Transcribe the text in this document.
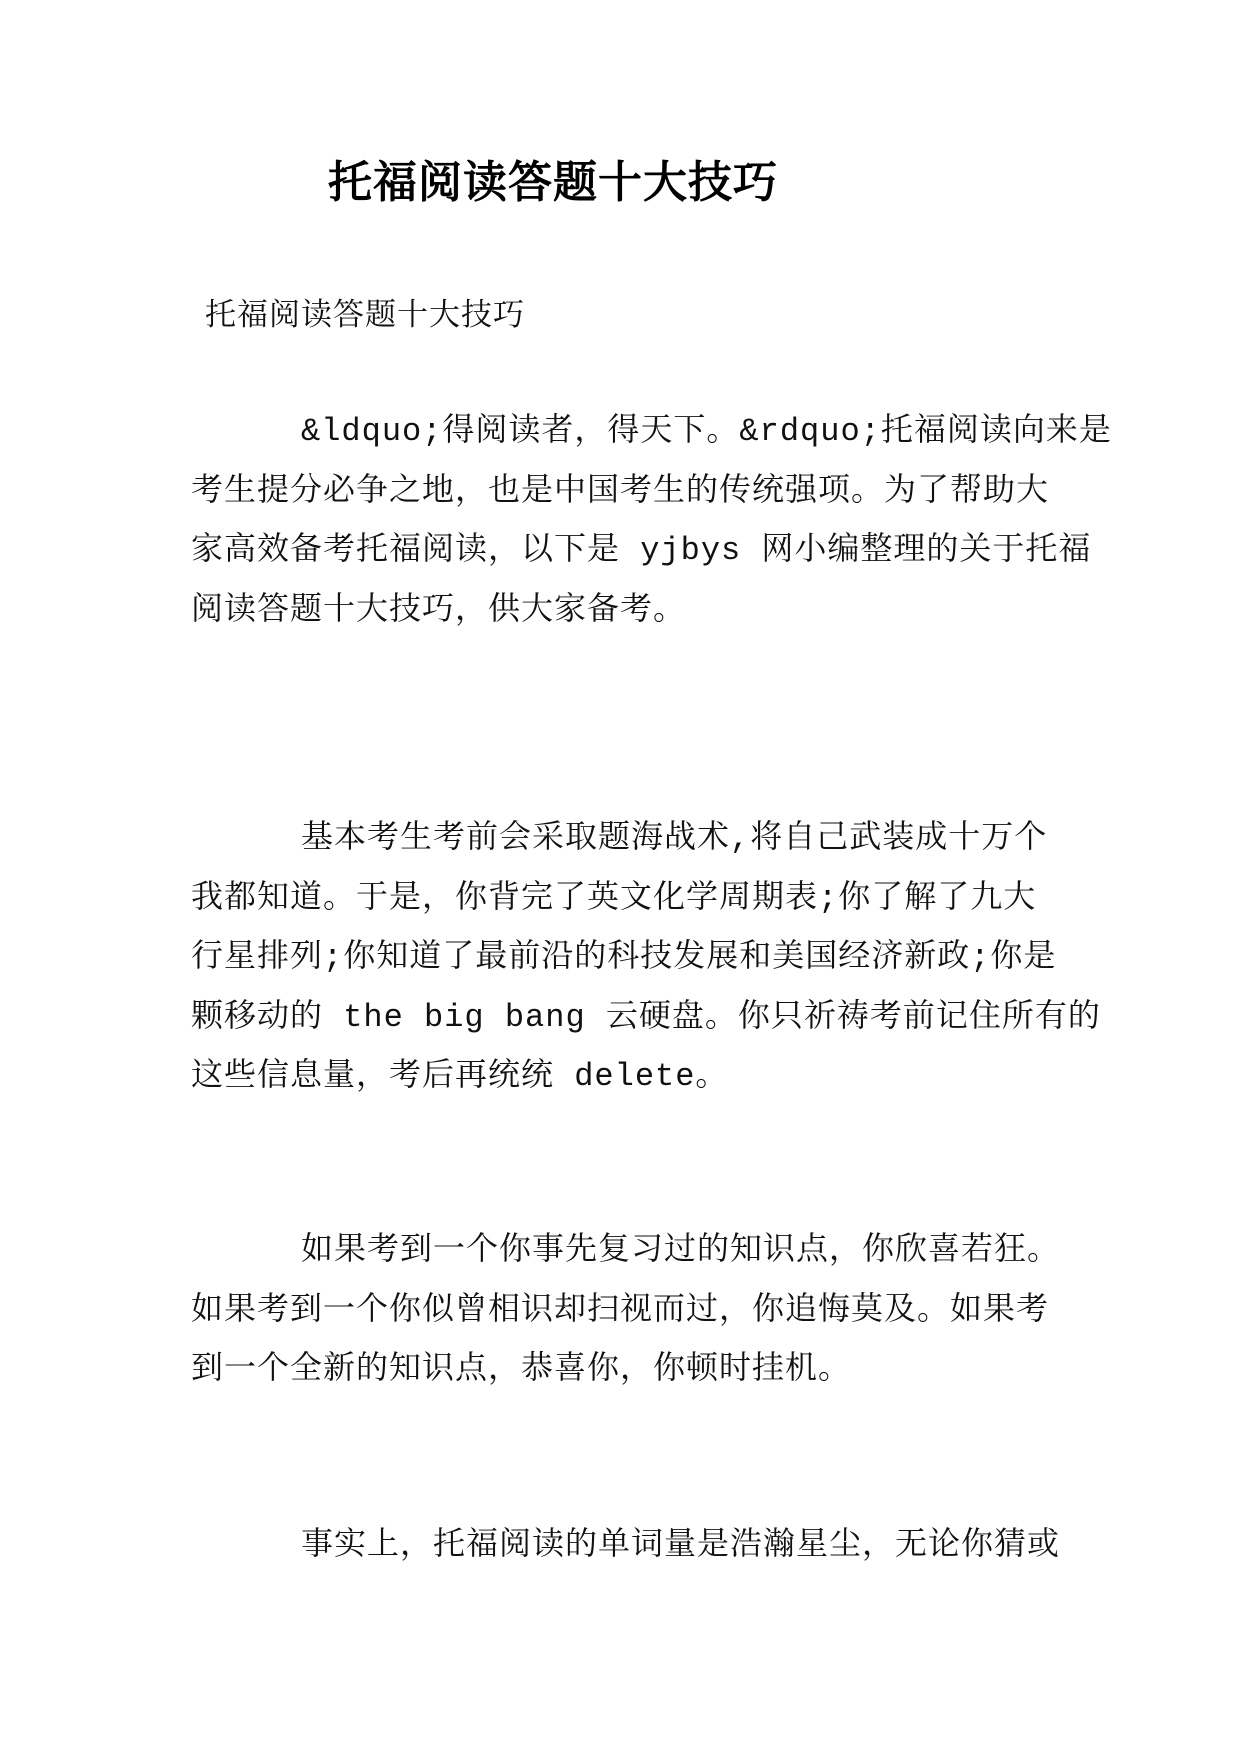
托福阅读答题十大技巧
托福阅读答题十大技巧
&ldquo;得阅读者，得天下。&rdquo;托福阅读向来是
考生提分必争之地，也是中国考生的传统强项。为了帮助大
家高效备考托福阅读，以下是 yjbys 网小编整理的关于托福
阅读答题十大技巧，供大家备考。
基本考生考前会采取题海战术,将自己武装成十万个
我都知道。于是，你背完了英文化学周期表;你了解了九大
行星排列;你知道了最前沿的科技发展和美国经济新政;你是
颗移动的 the big bang 云硬盘。你只祈祷考前记住所有的
这些信息量，考后再统统 delete。
如果考到一个你事先复习过的知识点，你欣喜若狂。
如果考到一个你似曾相识却扫视而过，你追悔莫及。如果考
到一个全新的知识点，恭喜你，你顿时挂机。
事实上，托福阅读的单词量是浩瀚星尘，无论你猜或
